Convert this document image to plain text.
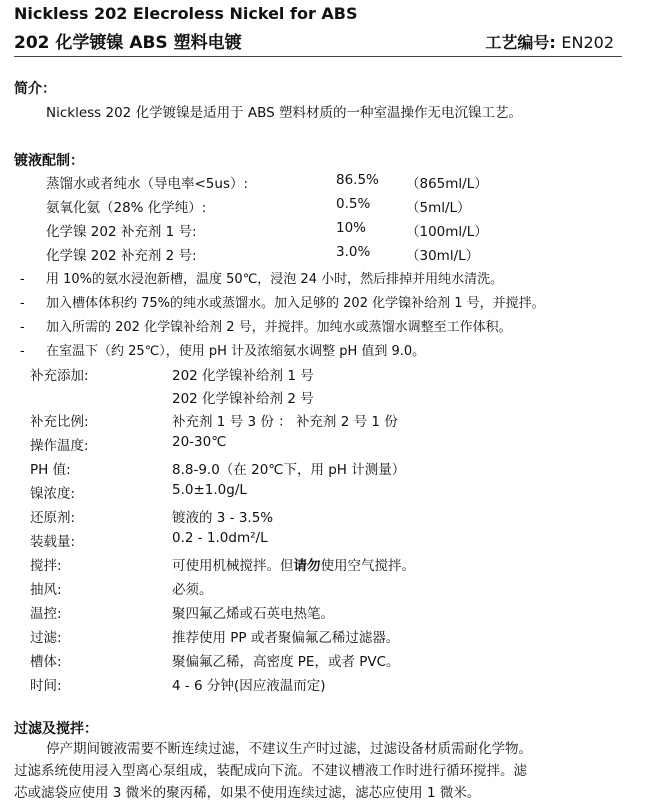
Nickless 202 Elecroless Nickel for ABS
202 化学镀镍 ABS 塑料电镀	工艺编号: EN202
简介：
Nickless 202 化学镀镍是适用于 ABS 塑料材质的一种室温操作无电沉镍工艺。
镀液配制：
蒸馏水或者纯水（导电率<5us）:	86.5% （865ml/L）
氨氧化氨（28% 化学纯）:	0.5%	（5ml/L）
化学镍 202 补充剂 1 号:	10%	（100ml/L）
化学镍 202 补充剂 2 号:	3.0%	（30ml/L）
- 用 10%的氨水浸泡新槽，温度 50℃，浸泡 24 小时，然后排掉并用纯水清洗。
- 加入槽体体积约 75%的纯水或蒸馏水。加入足够的 202 化学镍补给剂 1 号，并搅拌。
- 加入所需的 202 化学镍补给剂 2 号，并搅拌。加纯水或蒸馏水调整至工作体积。
- 在室温下（约 25℃），使用 pH 计及浓缩氨水调整 pH 值到 9.0。
补充添加:	202 化学镍补给剂 1 号
202 化学镍补给剂 2 号
补充比例:	补充剂 1 号 3 份 ： 补充剂 2 号 1 份
操作温度:	20-30℃
PH 值:	8.8-9.0（在 20℃下，用 pH 计测量）
镍浓度:	5.0±1.0g/L
还原剂:	镀液的 3 - 3.5%
装载量:	0.2 - 1.0dm²/L
搅拌:	可使用机械搅拌。但请勿使用空气搅拌。
抽风:	必须。
温控:	聚四氟乙烯或石英电热笔。
过滤:	推荐使用 PP 或者聚偏氟乙稀过滤器。
槽体:	聚偏氟乙稀，高密度 PE，或者 PVC。
时间:	4 - 6 分钟(因应液温而定)
过滤及搅拌：
停产期间镀液需要不断连续过滤，不建议生产时过滤，过滤设备材质需耐化学物。
过滤系统使用浸入型离心泵组成，装配成向下流。不建议槽液工作时进行循环搅拌。滤
芯或滤袋应使用 3 微米的聚丙稀，如果不使用连续过滤，滤芯应使用 1 微米。
